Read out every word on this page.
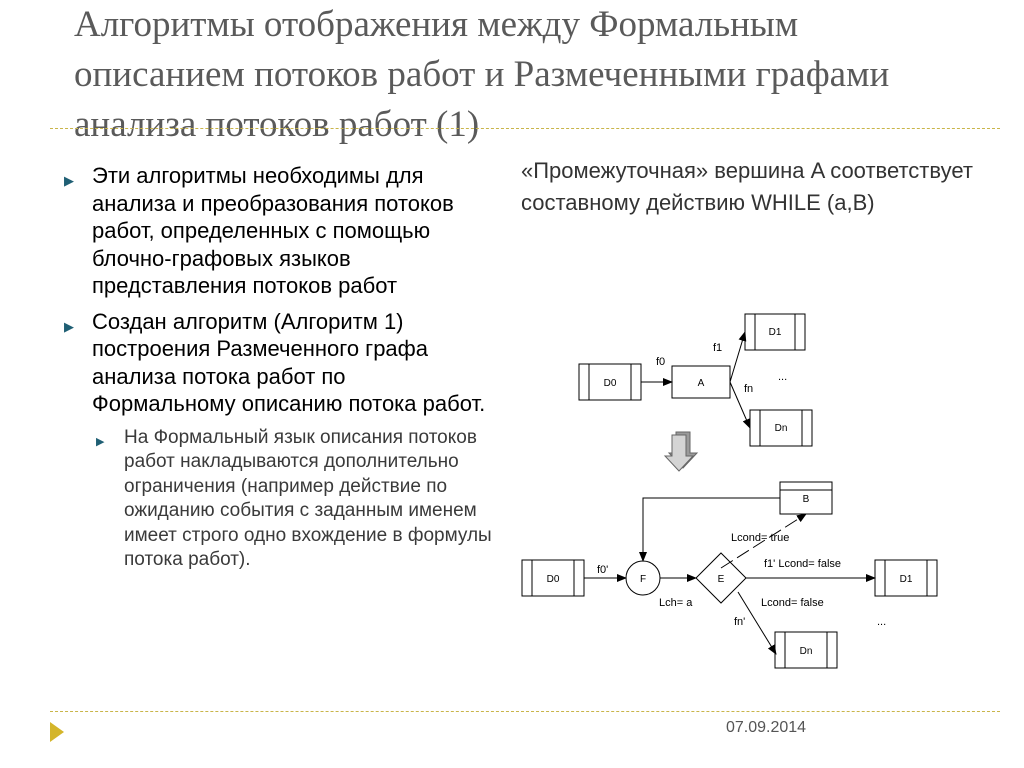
Алгоритмы отображения между Формальным описанием потоков работ и Размеченными графами анализа потоков работ (1)
▶ Эти алгоритмы необходимы для анализа и преобразования потоков работ, определенных с помощью блочно-графовых языков представления потоков работ
▶ Создан алгоритм (Алгоритм 1) построения Размеченного графа анализа потока работ по Формальному описанию потока работ.
▶ На Формальный язык описания потоков работ накладываются дополнительно ограничения (например действие по ожиданию события с заданным именем имеет строго одно вхождение в формулы потока работ).

«Промежуточная» вершина A соответствует составному действию WHILE (a,B)

D0	A
D1
Dn
f0
f1
fn
...
D0	F	E
B
D1
Dn
f0'
Lcond= true
f1' Lcond= false
Lch= a	Lcond= false
fn'	...
07.09.2014
